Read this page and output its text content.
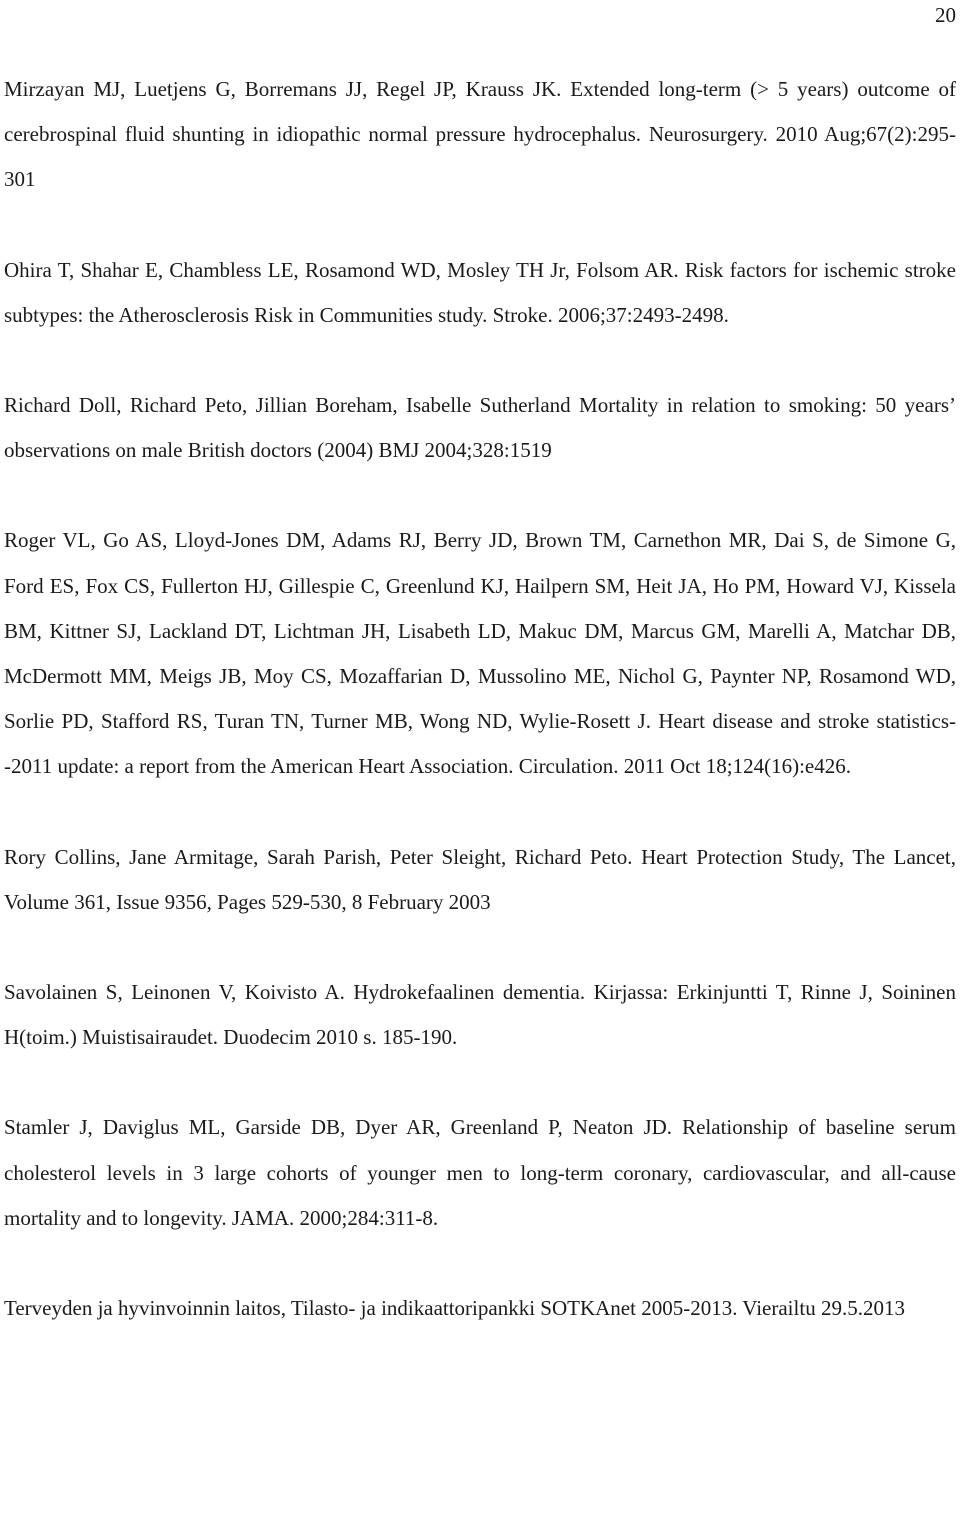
20

Mirzayan MJ, Luetjens G, Borremans JJ, Regel JP, Krauss JK. Extended long-term (> 5 years) outcome of cerebrospinal fluid shunting in idiopathic normal pressure hydrocephalus. Neurosurgery. 2010 Aug;67(2):295-301

Ohira T, Shahar E, Chambless LE, Rosamond WD, Mosley TH Jr, Folsom AR. Risk factors for ischemic stroke subtypes: the Atherosclerosis Risk in Communities study. Stroke. 2006;37:2493-2498.

Richard Doll, Richard Peto, Jillian Boreham, Isabelle Sutherland Mortality in relation to smoking: 50 years’ observations on male British doctors (2004) BMJ 2004;328:1519

Roger VL, Go AS, Lloyd-Jones DM, Adams RJ, Berry JD, Brown TM, Carnethon MR, Dai S, de Simone G, Ford ES, Fox CS, Fullerton HJ, Gillespie C, Greenlund KJ, Hailpern SM, Heit JA, Ho PM, Howard VJ, Kissela BM, Kittner SJ, Lackland DT, Lichtman JH, Lisabeth LD, Makuc DM, Marcus GM, Marelli A, Matchar DB, McDermott MM, Meigs JB, Moy CS, Mozaffarian D, Mussolino ME, Nichol G, Paynter NP, Rosamond WD, Sorlie PD, Stafford RS, Turan TN, Turner MB, Wong ND, Wylie-Rosett J. Heart disease and stroke statistics--2011 update: a report from the American Heart Association. Circulation. 2011 Oct 18;124(16):e426.

Rory Collins, Jane Armitage, Sarah Parish, Peter Sleight, Richard Peto. Heart Protection Study, The Lancet, Volume 361, Issue 9356, Pages 529-530, 8 February 2003

Savolainen S, Leinonen V, Koivisto A. Hydrokefaalinen dementia. Kirjassa: Erkinjuntti T, Rinne J, Soininen H(toim.) Muistisairaudet. Duodecim 2010 s. 185-190.

Stamler J, Daviglus ML, Garside DB, Dyer AR, Greenland P, Neaton JD. Relationship of baseline serum cholesterol levels in 3 large cohorts of younger men to long-term coronary, cardiovascular, and all-cause mortality and to longevity. JAMA. 2000;284:311-8.

Terveyden ja hyvinvoinnin laitos, Tilasto- ja indikaattoripankki SOTKAnet 2005-2013. Vierailtu 29.5.2013
